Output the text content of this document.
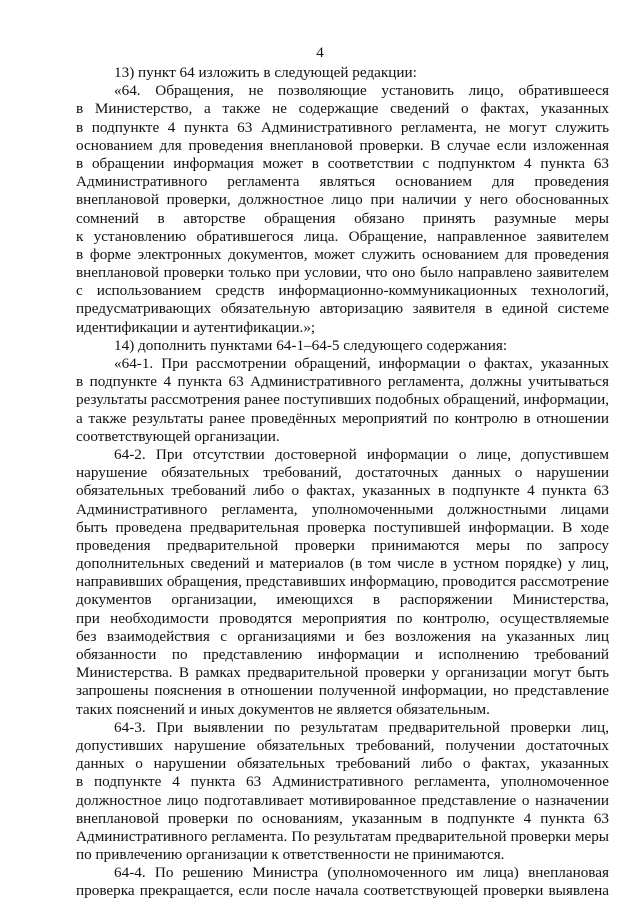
4
13) пункт 64 изложить в следующей редакции:
«64. Обращения, не позволяющие установить лицо, обратившееся
в Министерство, а также не содержащие сведений о фактах, указанных
в подпункте 4 пункта 63 Административного регламента, не могут служить
основанием для проведения внеплановой проверки. В случае если изложенная
в обращении информация может в соответствии с подпунктом 4 пункта 63
Административного регламента являться основанием для проведения
внеплановой проверки, должностное лицо при наличии у него обоснованных
сомнений в авторстве обращения обязано принять разумные меры
к установлению обратившегося лица. Обращение, направленное заявителем
в форме электронных документов, может служить основанием для проведения
внеплановой проверки только при условии, что оно было направлено заявителем
с использованием средств информационно-коммуникационных технологий,
предусматривающих обязательную авторизацию заявителя в единой системе
идентификации и аутентификации.»;
14) дополнить пунктами 64-1–64-5 следующего содержания:
«64-1. При рассмотрении обращений, информации о фактах, указанных
в подпункте 4 пункта 63 Административного регламента, должны учитываться
результаты рассмотрения ранее поступивших подобных обращений, информации,
а также результаты ранее проведённых мероприятий по контролю в отношении
соответствующей организации.
64-2. При отсутствии достоверной информации о лице, допустившем
нарушение обязательных требований, достаточных данных о нарушении
обязательных требований либо о фактах, указанных в подпункте 4 пункта 63
Административного регламента, уполномоченными должностными лицами
быть проведена предварительная проверка поступившей информации. В ходе
проведения предварительной проверки принимаются меры по запросу
дополнительных сведений и материалов (в том числе в устном порядке) у лиц,
направивших обращения, представивших информацию, проводится рассмотрение
документов организации, имеющихся в распоряжении Министерства,
при необходимости проводятся мероприятия по контролю, осуществляемые
без взаимодействия с организациями и без возложения на указанных лиц
обязанности по представлению информации и исполнению требований
Министерства. В рамках предварительной проверки у организации могут быть
запрошены пояснения в отношении полученной информации, но представление
таких пояснений и иных документов не является обязательным.
64-3. При выявлении по результатам предварительной проверки лиц,
допустивших нарушение обязательных требований, получении достаточных
данных о нарушении обязательных требований либо о фактах, указанных
в подпункте 4 пункта 63 Административного регламента, уполномоченное
должностное лицо подготавливает мотивированное представление о назначении
внеплановой проверки по основаниям, указанным в подпункте 4 пункта 63
Административного регламента. По результатам предварительной проверки меры
по привлечению организации к ответственности не принимаются.
64-4. По решению Министра (уполномоченного им лица) внеплановая
проверка прекращается, если после начала соответствующей проверки выявлена
